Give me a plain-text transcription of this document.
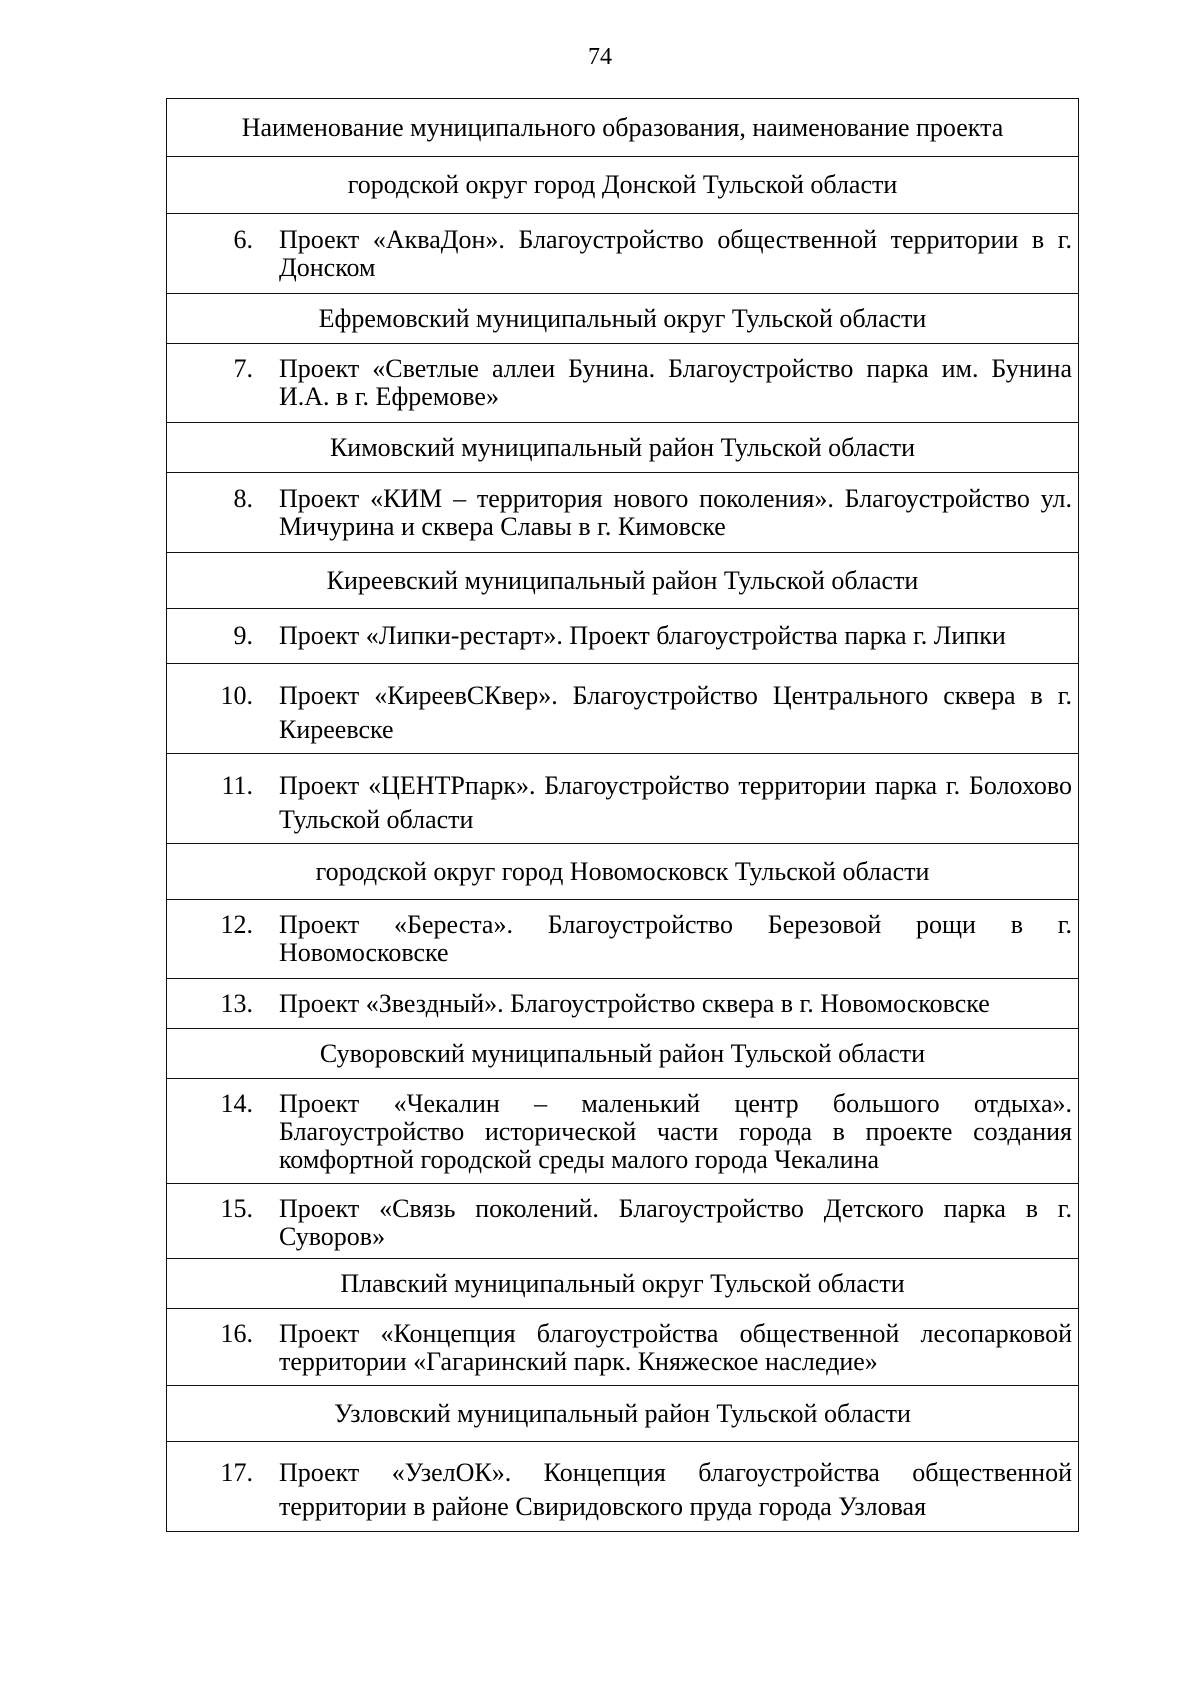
74
Наименование муниципального образования, наименование проекта
городской округ город Донской Тульской области
6.	Проект «АкваДон». Благоустройство общественной территории в г. Донском
Ефремовский муниципальный округ Тульской области
7.	Проект «Светлые аллеи Бунина. Благоустройство парка им. Бунина И.А. в г. Ефремове»
Кимовский муниципальный район Тульской области
8.	Проект «КИМ – территория нового поколения». Благоустройство ул. Мичурина и сквера Славы в г. Кимовске
Киреевский муниципальный район Тульской области
9.	Проект «Липки-рестарт». Проект благоустройства парка г. Липки
10.	Проект «КиреевСКвер». Благоустройство Центрального сквера в г. Киреевске
11.	Проект «ЦЕНТРпарк». Благоустройство территории парка г. Болохово Тульской области
городской округ город Новомосковск Тульской области
12.	Проект «Береста». Благоустройство Березовой рощи в г. Новомосковске
13.	Проект «Звездный». Благоустройство сквера в г. Новомосковске
Суворовский муниципальный район Тульской области
14.	Проект «Чекалин – маленький центр большого отдыха». Благоустройство исторической части города в проекте создания комфортной городской среды малого города Чекалина
15.	Проект «Связь поколений. Благоустройство Детского парка в г. Суворов»
Плавский муниципальный округ Тульской области
16.	Проект «Концепция благоустройства общественной лесопарковой территории «Гагаринский парк. Княжеское наследие»
Узловский муниципальный район Тульской области
17.	Проект «УзелОК». Концепция благоустройства общественной территории в районе Свиридовского пруда города Узловая
